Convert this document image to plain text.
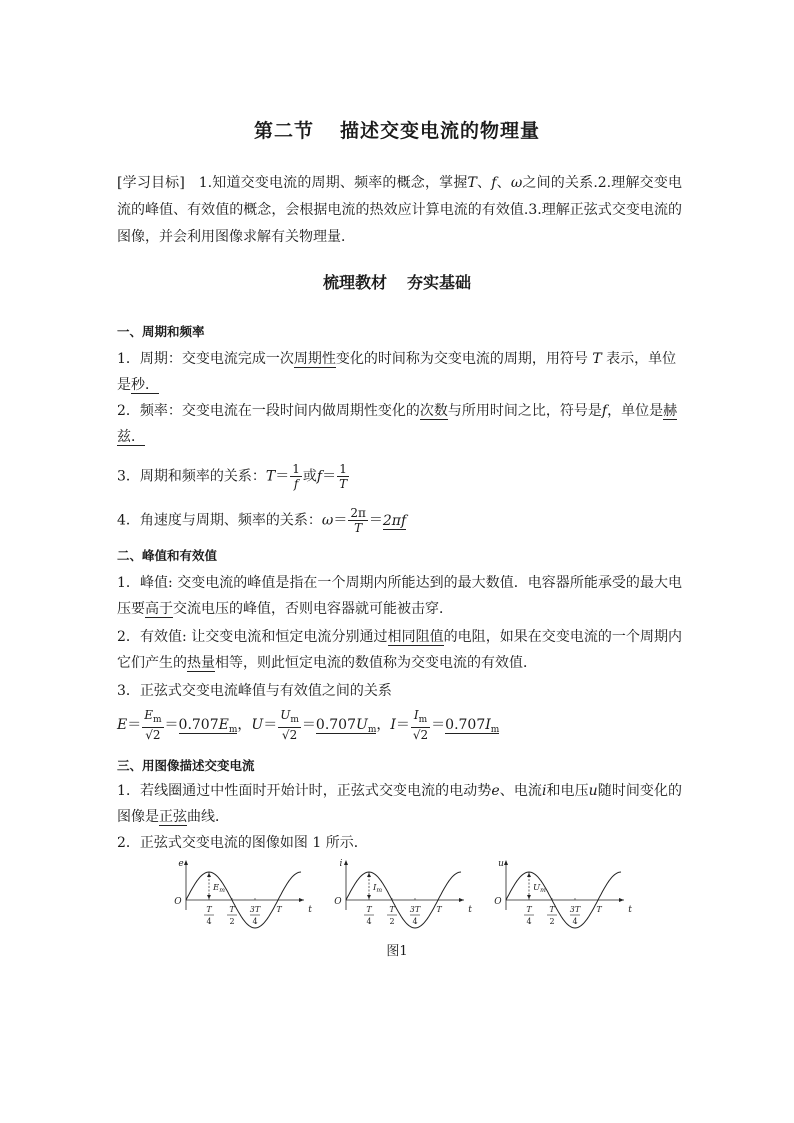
第二节 描述交变电流的物理量
[学习目标] 1.知道交变电流的周期、频率的概念，掌握T、f、ω之间的关系.2.理解交变电流的峰值、有效值的概念，会根据电流的热效应计算电流的有效值.3.理解正弦式交变电流的图像，并会利用图像求解有关物理量．
梳理教材 夯实基础
一、周期和频率
1．周期：交变电流完成一次周期性变化的时间称为交变电流的周期，用符号 T 表示，单位
是秒．
2．频率：交变电流在一段时间内做周期性变化的次数与所用时间之比，符号是f，单位是赫
兹．
3．周期和频率的关系：$T= \frac{1}{f}$ 或$f= \frac{1}{T}$
4．角速度与周期、频率的关系：$\omega= \frac{2\pi}{T} =2\pi f$
二、峰值和有效值
1．峰值: 交变电流的峰值是指在一个周期内所能达到的最大数值．电容器所能承受的最大电压要高于交流电压的峰值，否则电容器就可能被击穿．
2．有效值: 让交变电流和恒定电流分别通过相同阻值的电阻，如果在交变电流的一个周期内它们产生的热量相等，则此恒定电流的数值称为交变电流的有效值．
3．正弦式交变电流峰值与有效值之间的关系
$E= \frac{E_m}{√2} =0.707E_m$，$U= \frac{U_m}{√2} =0.707U_m$，$I= \frac{I_m}{√2} =0.707I_m$
三、用图像描述交变电流
1．若线圈通过中性面时开始计时，正弦式交变电流的电动势e、电流i和电压u随时间变化的图像是正弦曲线．
2．正弦式交变电流的图像如图 1 所示．
e
O
t
$E_m$
T
4
T
2
3T
4
T
i
O
t
$I_m$
T
4
T
2
3T
4
T
u
O
t
$U_m$
T
4
T
2
3T
4
T
图1
